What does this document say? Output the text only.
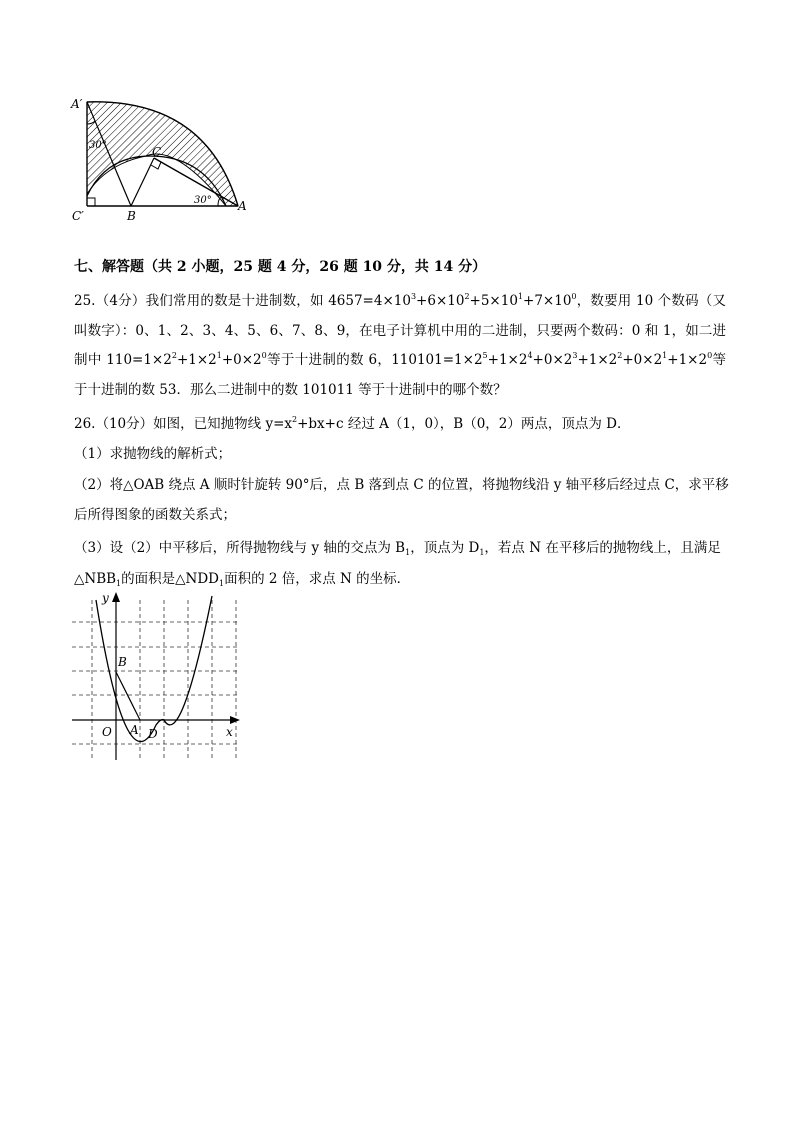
A′
30°	C
C′	B
30° A
七、解答题（共 2 小题，25 题 4 分，26 题 10 分，共 14 分）
25.（4分）我们常用的数是十进制数，如 $4657=4\times 10^3+6\times 10^2+5\times 10^1+7\times 10^0$，数要用 10 个数码（又叫数字）：0、1、2、3、4、5、6、7、8、9，在电子计算机中用的二进制，只要两个数码：0 和 1，如二进制中 $110=1\times 2^2+1\times 2^1+0\times 2^0$等于十进制的数 6，$110101=1\times 2^5+1\times 2^4+0\times 2^3+1\times 2^2+0\times 2^1+1\times 2^0$等于十进制的数 53．那么二进制中的数 101011 等于十进制中的哪个数？
26.（10分）如图，已知抛物线 $y=x^2+bx+c$ 经过 A（1，0），B（0，2）两点，顶点为 D．
（1）求抛物线的解析式；
（2）将△OAB 绕点 A 顺时针旋转 90°后，点 B 落到点 C 的位置，将抛物线沿 y 轴平移后经过点 C，求平移
后所得图象的函数关系式；
（3）设（2）中平移后，所得抛物线与 y 轴的交点为 $B_1$，顶点为 $D_1$，若点 N 在平移后的抛物线上，且满足
$\triangle NBB_1$的面积是$\triangle NDD_1$面积的 2 倍，求点 N 的坐标．
y
B
O A D	x
